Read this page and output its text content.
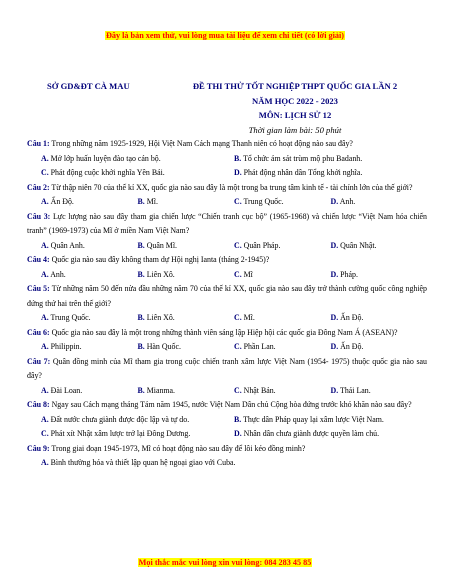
Đây là bản xem thử, vui lòng mua tài liệu để xem chi tiết (có lời giải)
SỞ GD&ĐT CÀ MAU	ĐỀ THI THỬ TỐT NGHIỆP THPT QUỐC GIA LẦN 2
NĂM HỌC 2022 - 2023
MÔN: LỊCH SỬ 12
Thời gian làm bài: 50 phút
Câu 1: Trong những năm 1925-1929, Hội Việt Nam Cách mạng Thanh niên có hoạt động nào sau đây?
A. Mở lớp huấn luyện đào tạo cán bộ.	B. Tổ chức ám sát trùm mộ phu Badanh.
C. Phát động cuộc khởi nghĩa Yên Bái.	D. Phát động nhân dân Tổng khởi nghĩa.
Câu 2: Từ thập niên 70 của thế kỉ XX, quốc gia nào sau đây là một trong ba trung tâm kinh tế - tài chính lớn của thế giới?
A. Ấn Độ.	B. Mĩ.	C. Trung Quốc.	D. Anh.
Câu 3: Lực lượng nào sau đây tham gia chiến lược “Chiến tranh cục bộ” (1965-1968) và chiến lược “Việt Nam hóa chiến tranh” (1969-1973) của Mĩ ở miền Nam Việt Nam?
A. Quân Anh.	B. Quân Mĩ.	C. Quân Pháp.	D. Quân Nhật.
Câu 4: Quốc gia nào sau đây không tham dự Hội nghị Ianta (tháng 2-1945)?
A. Anh.	B. Liên Xô.	C. Mĩ	D. Pháp.
Câu 5: Từ những năm 50 đến nửa đầu những năm 70 của thế kỉ XX, quốc gia nào sau đây trở thành cường quốc công nghiệp đứng thứ hai trên thế giới?
A. Trung Quốc.	B. Liên Xô.	C. Mĩ.	D. Ấn Độ.
Câu 6: Quốc gia nào sau đây là một trong những thành viên sáng lập Hiệp hội các quốc gia Đông Nam Á (ASEAN)?
A. Philippin.	B. Hàn Quốc.	C. Phần Lan.	D. Ấn Độ.
Câu 7: Quân đồng minh của Mĩ tham gia trong cuộc chiến tranh xâm lược Việt Nam (1954- 1975) thuộc quốc gia nào sau đây?
A. Đài Loan.	B. Mianma.	C. Nhật Bản.	D. Thái Lan.
Câu 8: Ngay sau Cách mạng tháng Tám năm 1945, nước Việt Nam Dân chủ Cộng hòa đứng trước khó khăn nào sau đây?
A. Đất nước chưa giành được độc lập và tự do.	B. Thực dân Pháp quay lại xâm lược Việt Nam.
C. Phát xít Nhật xâm lược trở lại Đông Dương.	D. Nhân dân chưa giành được quyền làm chủ.
Câu 9: Trong giai đoạn 1945-1973, Mĩ có hoạt động nào sau đây để lôi kéo đồng minh?
A. Bình thường hóa và thiết lập quan hệ ngoại giao với Cuba.
Mọi thắc mắc vui lòng xin vui lòng: 084 283 45 85
